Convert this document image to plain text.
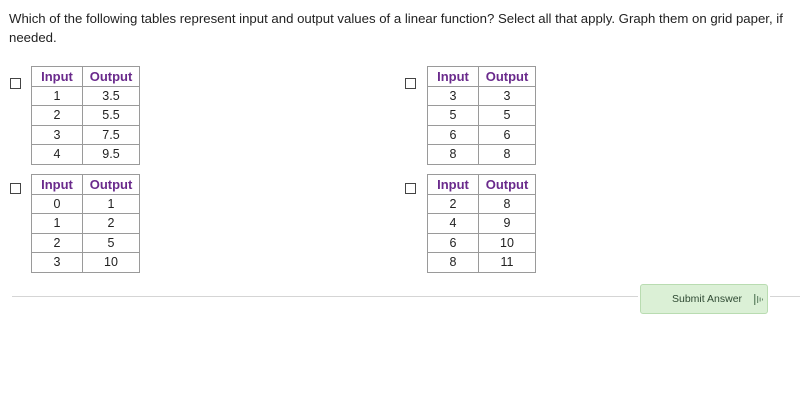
Which of the following tables represent input and output values of a linear function? Select all that apply. Graph them on grid paper, if needed.
Input	Output
1	3.5
2	5.5
3	7.5
4	9.5
Input	Output
3	3
5	5
6	6
8	8
Input	Output
0	1
1	2
2	5
3	10
Input	Output
2	8
4	9
6	10
8	11
Submit Answer
